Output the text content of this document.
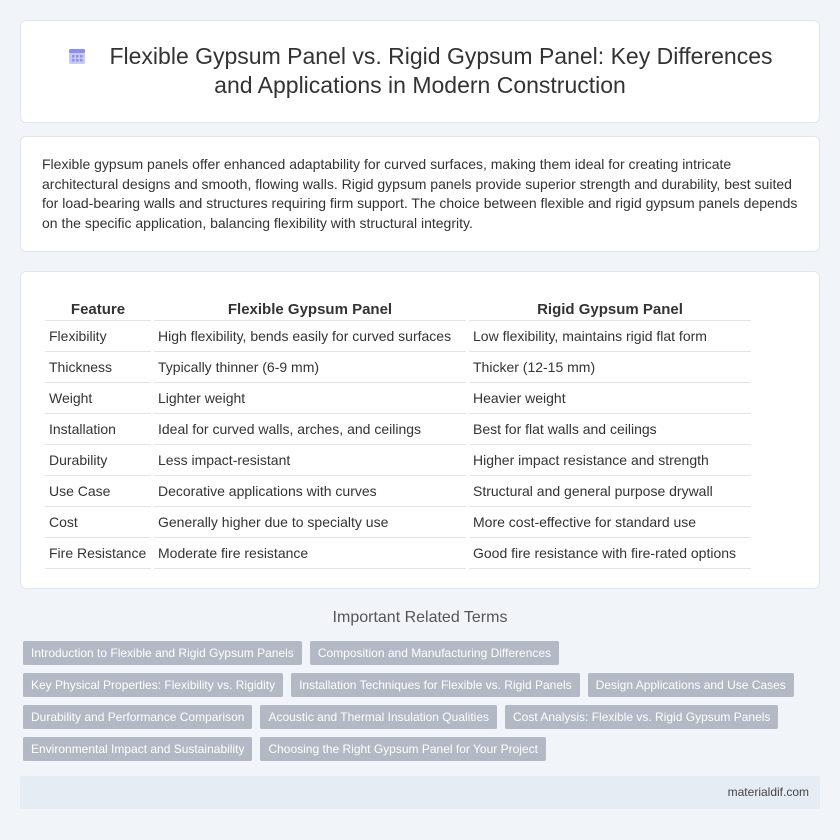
Flexible Gypsum Panel vs. Rigid Gypsum Panel: Key Differences and Applications in Modern Construction

Flexible gypsum panels offer enhanced adaptability for curved surfaces, making them ideal for creating intricate architectural designs and smooth, flowing walls. Rigid gypsum panels provide superior strength and durability, best suited for load-bearing walls and structures requiring firm support. The choice between flexible and rigid gypsum panels depends on the specific application, balancing flexibility with structural integrity.

Feature	Flexible Gypsum Panel	Rigid Gypsum Panel
Flexibility	High flexibility, bends easily for curved surfaces	Low flexibility, maintains rigid flat form
Thickness	Typically thinner (6-9 mm)	Thicker (12-15 mm)
Weight	Lighter weight	Heavier weight
Installation	Ideal for curved walls, arches, and ceilings	Best for flat walls and ceilings
Durability	Less impact-resistant	Higher impact resistance and strength
Use Case	Decorative applications with curves	Structural and general purpose drywall
Cost	Generally higher due to specialty use	More cost-effective for standard use
Fire Resistance	Moderate fire resistance	Good fire resistance with fire-rated options
Important Related Terms
Introduction to Flexible and Rigid Gypsum Panels	Composition and Manufacturing Differences
Key Physical Properties: Flexibility vs. Rigidity	Installation Techniques for Flexible vs. Rigid Panels	Design Applications and Use Cases
Durability and Performance Comparison	Acoustic and Thermal Insulation Qualities	Cost Analysis: Flexible vs. Rigid Gypsum Panels
Environmental Impact and Sustainability	Choosing the Right Gypsum Panel for Your Project
materialdif.com
